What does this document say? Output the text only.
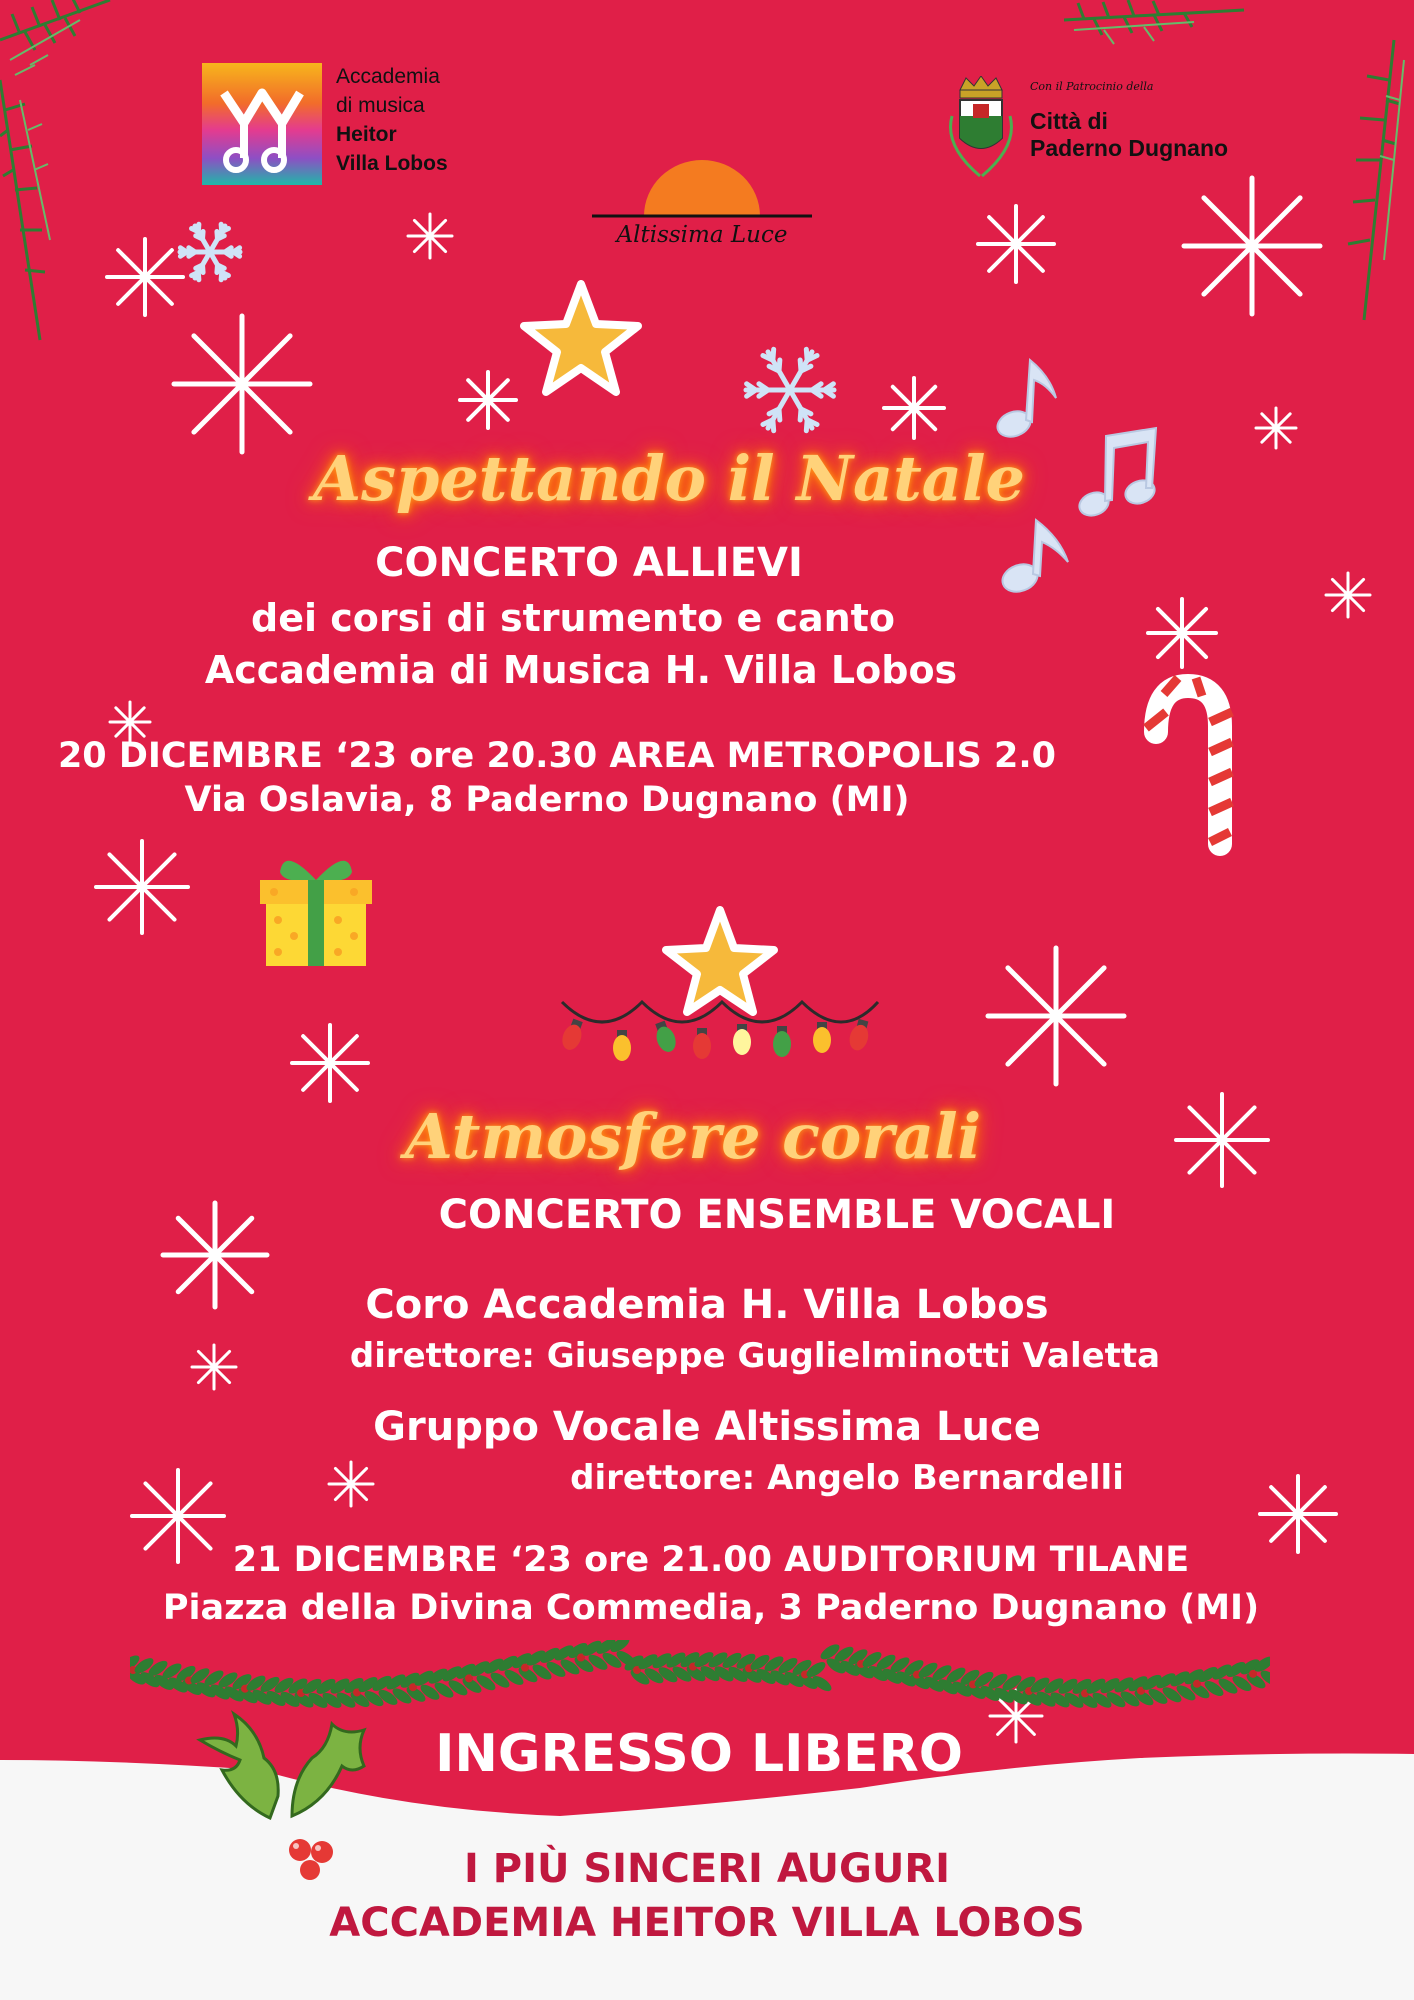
Accademia
di musica
Heitor
Villa Lobos
Altissima Luce
Con il Patrocinio della
Città di
Paderno Dugnano
Aspettando il Natale
CONCERTO ALLIEVI
dei corsi di strumento e canto
Accademia di Musica H. Villa Lobos
20 DICEMBRE ‘23 ore 20.30 AREA METROPOLIS 2.0
Via Oslavia, 8 Paderno Dugnano (MI)
Atmosfere corali
CONCERTO ENSEMBLE VOCALI
Coro Accademia H. Villa Lobos
direttore: Giuseppe Guglielminotti Valetta
Gruppo Vocale Altissima Luce
direttore: Angelo Bernardelli
21 DICEMBRE ‘23 ore 21.00 AUDITORIUM TILANE
Piazza della Divina Commedia, 3 Paderno Dugnano (MI)
INGRESSO LIBERO
I PIÙ SINCERI AUGURI
ACCADEMIA HEITOR VILLA LOBOS
